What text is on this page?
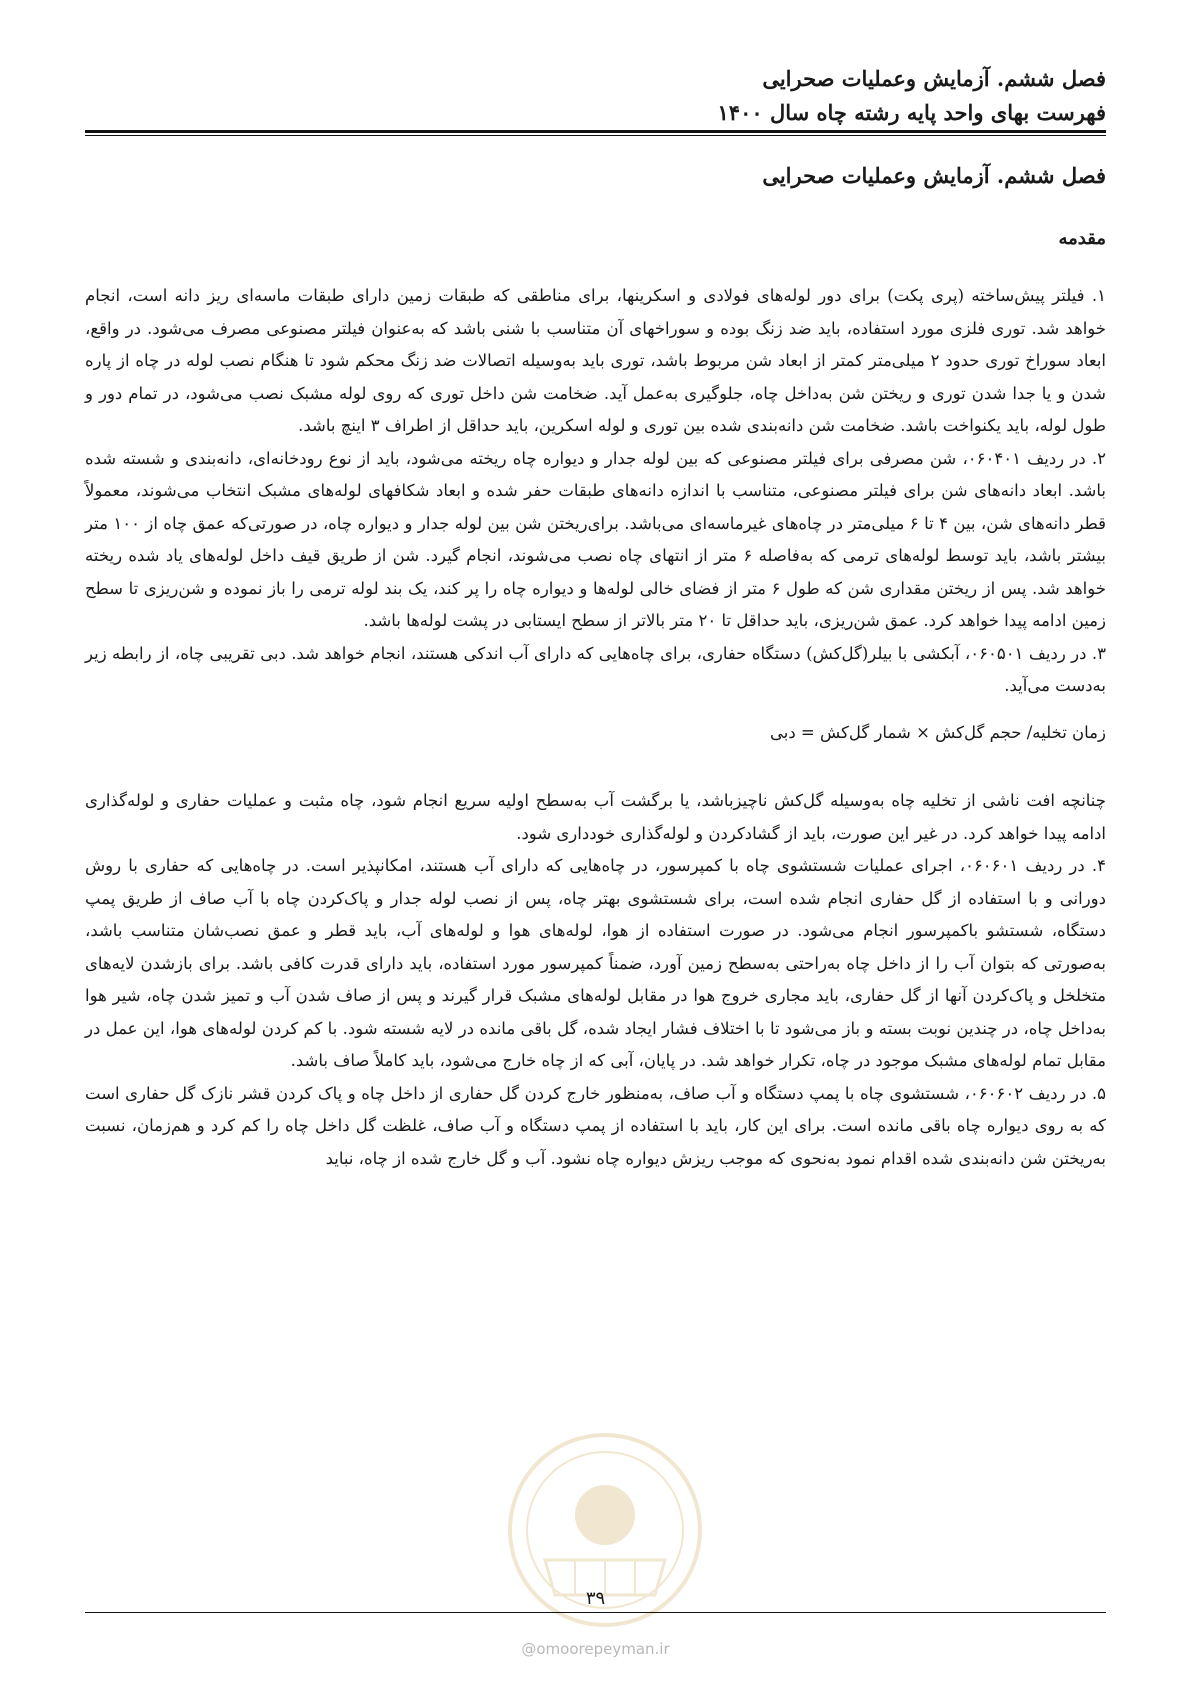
فصل ششم. آزمایش وعملیات صحرایی
فهرست بهای واحد پایه رشته چاه سال ۱۴۰۰
فصل ششم. آزمایش وعملیات صحرایی
مقدمه

۱. فیلتر پیش‌ساخته (پری پکت) برای دور لوله‌های فولادی و اسکرینها، برای مناطقی که طبقات زمین دارای طبقات ماسه‌ای ریز دانه است، انجام خواهد شد. توری فلزی مورد استفاده، باید ضد زنگ بوده و سوراخهای آن متناسب با شنی باشد که به‌عنوان فیلتر مصنوعی مصرف می‌شود. در واقع، ابعاد سوراخ توری حدود ۲ میلی‌متر کمتر از ابعاد شن مربوط باشد، توری باید به‌وسیله اتصالات ضد زنگ محکم شود تا هنگام نصب لوله در چاه از پاره شدن و یا جدا شدن توری و ریختن شن به‌داخل چاه، جلوگیری به‌عمل آید. ضخامت شن داخل توری که روی لوله مشبک نصب می‌شود، در تمام دور و طول لوله، باید یکنواخت باشد. ضخامت شن دانه‌بندی شده بین توری و لوله اسکرین، باید حداقل از اطراف ۳ اینچ باشد.

۲. در ردیف ۰۶۰۴۰۱، شن مصرفی برای فیلتر مصنوعی که بین لوله جدار و دیواره چاه ریخته می‌شود، باید از نوع رودخانه‌ای، دانه‌بندی و شسته شده باشد. ابعاد دانه‌های شن برای فیلتر مصنوعی، متناسب با اندازه دانه‌های طبقات حفر شده و ابعاد شکافهای لوله‌های مشبک انتخاب می‌شوند، معمولاً قطر دانه‌های شن، بین ۴ تا ۶ میلی‌متر در چاه‌های غیرماسه‌ای می‌باشد. برای‌ریختن شن بین لوله جدار و دیواره چاه، در صورتی‌که عمق چاه از ۱۰۰ متر بیشتر باشد، باید توسط لوله‌های ترمی که به‌فاصله ۶ متر از انتهای چاه نصب می‌شوند، انجام گیرد. شن از طریق قیف داخل لوله‌های یاد شده ریخته خواهد شد. پس از ریختن مقداری شن که طول ۶ متر از فضای خالی لوله‌ها و دیواره چاه را پر کند، یک بند لوله ترمی را باز نموده و شن‌ریزی تا سطح زمین ادامه پیدا خواهد کرد. عمق شن‌ریزی، باید حداقل تا ۲۰ متر بالاتر از سطح ایستابی در پشت لوله‌ها باشد.

۳. در ردیف ۰۶۰۵۰۱، آبکشی با بیلر(گل‌کش) دستگاه حفاری، برای چاه‌هایی که دارای آب اندکی هستند، انجام خواهد شد. دبی تقریبی چاه، از رابطه زیر به‌دست می‌آید.

زمان تخلیه/ حجم گل‌کش × شمار گل‌کش = دبی

چنانچه افت ناشی از تخلیه چاه به‌وسیله گل‌کش ناچیزباشد، یا برگشت آب به‌سطح اولیه سریع انجام شود، چاه مثبت و عملیات حفاری و لوله‌گذاری ادامه پیدا خواهد کرد. در غیر این صورت، باید از گشادکردن و لوله‌گذاری خودداری شود.

۴. در ردیف ۰۶۰۶۰۱، اجرای عملیات شستشوی چاه با کمپرسور، در چاه‌هایی که دارای آب هستند، امکانپذیر است. در چاه‌هایی که حفاری با روش دورانی و با استفاده از گل حفاری انجام شده است، برای شستشوی بهتر چاه، پس از نصب لوله جدار و پاک‌کردن چاه با آب صاف از طریق پمپ دستگاه، شستشو باکمپرسور انجام می‌شود. در صورت استفاده از هوا، لوله‌های هوا و لوله‌های آب، باید قطر و عمق نصب‌شان متناسب باشد، به‌صورتی که بتوان آب را از داخل چاه به‌راحتی به‌سطح زمین آورد، ضمناً کمپرسور مورد استفاده، باید دارای قدرت کافی باشد. برای بازشدن لایه‌های متخلخل و پاک‌کردن آنها از گل حفاری، باید مجاری خروج هوا در مقابل لوله‌های مشبک قرار گیرند و پس از صاف شدن آب و تمیز شدن چاه، شیر هوا به‌داخل چاه، در چندین نوبت بسته و باز می‌شود تا با اختلاف فشار ایجاد شده، گل باقی مانده در لایه شسته شود. با کم کردن لوله‌های هوا، این عمل در مقابل تمام لوله‌های مشبک موجود در چاه، تکرار خواهد شد. در پایان، آبی که از چاه خارج می‌شود، باید کاملاً صاف باشد.

۵. در ردیف ۰۶۰۶۰۲، شستشوی چاه با پمپ دستگاه و آب صاف، به‌منظور خارج کردن گل حفاری از داخل چاه و پاک کردن قشر نازک گل حفاری است که به روی دیواره چاه باقی مانده است. برای این کار، باید با استفاده از پمپ دستگاه و آب صاف، غلظت گل داخل چاه را کم کرد و هم‌زمان، نسبت به‌ریختن شن دانه‌بندی شده اقدام نمود به‌نحوی که موجب ریزش دیواره چاه نشود. آب و گل خارج شده از چاه، نباید

۳۹
@omoorepeyman.ir
